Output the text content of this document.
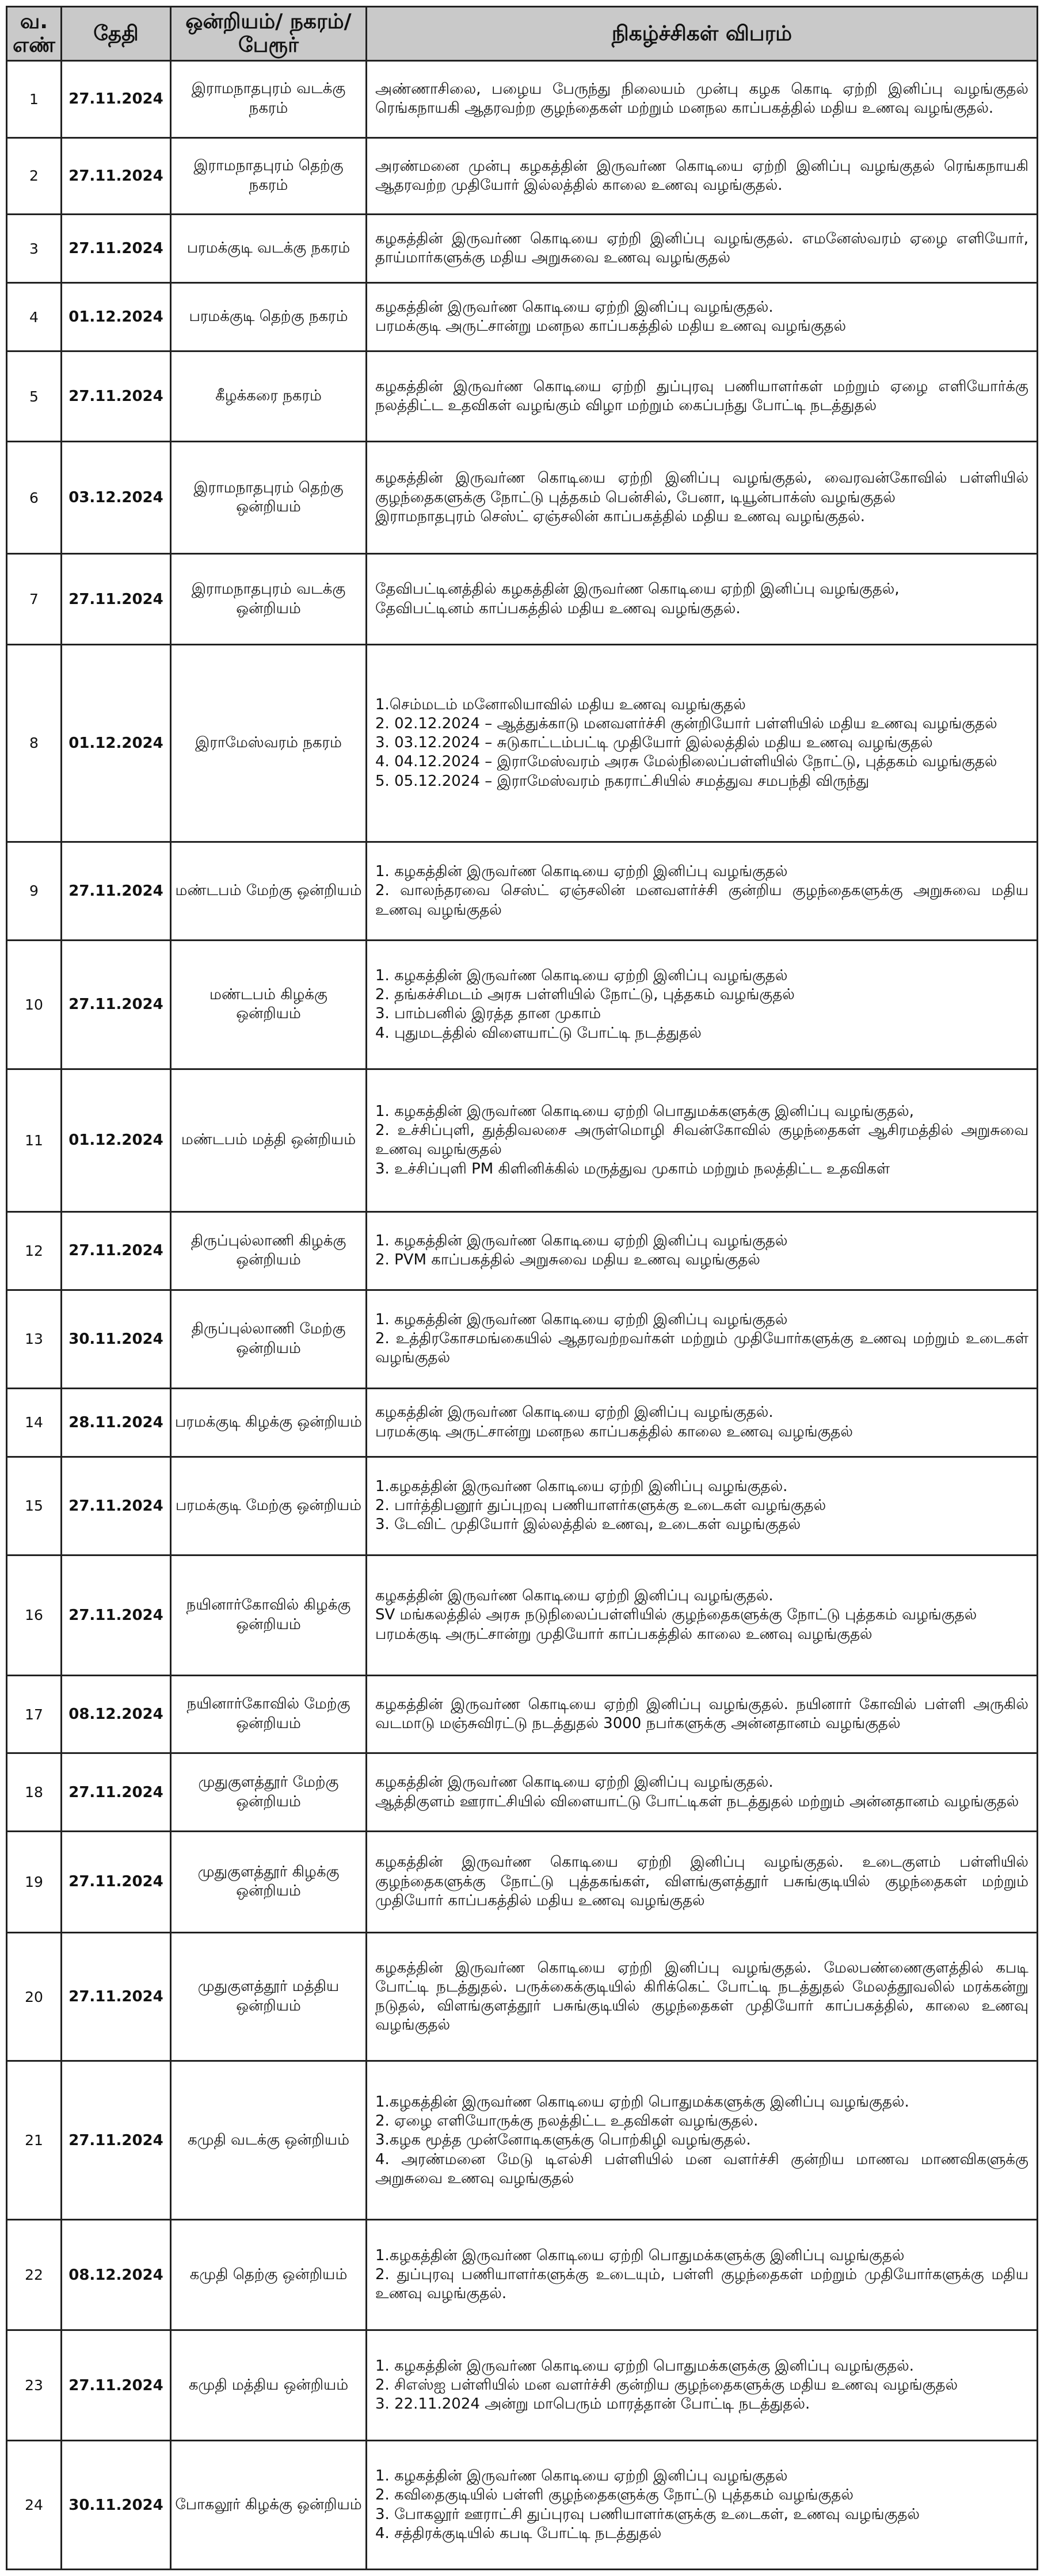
வ. எண்	தேதி	ஒன்றியம்/ நகரம்/ பேரூர்	நிகழ்ச்சிகள் விபரம்
1	27.11.2024	இராமநாதபுரம் வடக்கு நகரம்	அண்ணாசிலை, பழைய பேருந்து நிலையம் முன்பு கழக கொடி ஏற்றி இனிப்பு வழங்குதல் ரெங்கநாயகி ஆதரவற்ற குழந்தைகள் மற்றும் மனநல காப்பகத்தில் மதிய உணவு வழங்குதல்.

2	27.11.2024	இராமநாதபுரம் தெற்கு நகரம்	அரண்மனை முன்பு கழகத்தின் இருவர்ண கொடியை ஏற்றி இனிப்பு வழங்குதல் ரெங்கநாயகி ஆதரவற்ற முதியோர் இல்லத்தில் காலை உணவு வழங்குதல்.

3	27.11.2024	பரமக்குடி வடக்கு நகரம்	கழகத்தின் இருவர்ண கொடியை ஏற்றி இனிப்பு வழங்குதல். எமனேஸ்வரம் ஏழை எளியோர், தாய்மார்களுக்கு மதிய அறுசுவை உணவு வழங்குதல்

4	01.12.2024	பரமக்குடி தெற்கு நகரம்	கழகத்தின் இருவர்ண கொடியை ஏற்றி இனிப்பு வழங்குதல்.
பரமக்குடி அருட்சான்று மனநல காப்பகத்தில் மதிய உணவு வழங்குதல்

5	27.11.2024	கீழக்கரை நகரம்	கழகத்தின் இருவர்ண கொடியை ஏற்றி துப்புரவு பணியாளர்கள் மற்றும் ஏழை எளியோர்க்கு நலத்திட்ட உதவிகள் வழங்கும் விழா மற்றும் கைப்பந்து போட்டி நடத்துதல்

6	03.12.2024	இராமநாதபுரம் தெற்கு ஒன்றியம்	கழகத்தின் இருவர்ண கொடியை ஏற்றி இனிப்பு வழங்குதல், வைரவன்கோவில் பள்ளியில் குழந்தைகளுக்கு நோட்டு புத்தகம் பென்சில், பேனா, டியூன்பாக்ஸ் வழங்குதல்
இராமநாதபுரம் செஸ்ட் ஏஞ்சலின் காப்பகத்தில் மதிய உணவு வழங்குதல்.

7	27.11.2024	இராமநாதபுரம் வடக்கு ஒன்றியம்	தேவிபட்டினத்தில் கழகத்தின் இருவர்ண கொடியை ஏற்றி இனிப்பு வழங்குதல்,
தேவிபட்டினம் காப்பகத்தில் மதிய உணவு வழங்குதல்.

8	01.12.2024	இராமேஸ்வரம் நகரம்	1.செம்மடம் மனோலியாவில் மதிய உணவு வழங்குதல்
2. 02.12.2024 – ஆத்துக்காடு மனவளர்ச்சி குன்றியோர் பள்ளியில் மதிய உணவு வழங்குதல்
3. 03.12.2024 – சுடுகாட்டம்பட்டி முதியோர் இல்லத்தில் மதிய உணவு வழங்குதல்
4. 04.12.2024 – இராமேஸ்வரம் அரசு மேல்நிலைப்பள்ளியில் நோட்டு, புத்தகம் வழங்குதல்
5. 05.12.2024 – இராமேஸ்வரம் நகராட்சியில் சமத்துவ சமபந்தி விருந்து

9	27.11.2024	மண்டபம் மேற்கு ஒன்றியம்	1. கழகத்தின் இருவர்ண கொடியை ஏற்றி இனிப்பு வழங்குதல்
2. வாலந்தரவை செஸ்ட் ஏஞ்சலின் மனவளர்ச்சி குன்றிய குழந்தைகளுக்கு அறுசுவை மதிய உணவு வழங்குதல்

10	27.11.2024	மண்டபம் கிழக்கு ஒன்றியம்	1. கழகத்தின் இருவர்ண கொடியை ஏற்றி இனிப்பு வழங்குதல்
2. தங்கச்சிமடம் அரசு பள்ளியில் நோட்டு, புத்தகம் வழங்குதல்
3. பாம்பனில் இரத்த தான முகாம்
4. புதுமடத்தில் விளையாட்டு போட்டி நடத்துதல்

11	01.12.2024	மண்டபம் மத்தி ஒன்றியம்	1. கழகத்தின் இருவர்ண கொடியை ஏற்றி பொதுமக்களுக்கு இனிப்பு வழங்குதல்,
2. உச்சிப்புளி, துத்திவலசை அருள்மொழி சிவன்கோவில் குழந்தைகள் ஆசிரமத்தில் அறுசுவை உணவு வழங்குதல்
3. உச்சிப்புளி PM கிளினிக்கில் மருத்துவ முகாம் மற்றும் நலத்திட்ட உதவிகள்

12	27.11.2024	திருப்புல்லாணி கிழக்கு ஒன்றியம்	1. கழகத்தின் இருவர்ண கொடியை ஏற்றி இனிப்பு வழங்குதல்
2. PVM காப்பகத்தில் அறுசுவை மதிய உணவு வழங்குதல்

13	30.11.2024	திருப்புல்லாணி மேற்கு ஒன்றியம்	1. கழகத்தின் இருவர்ண கொடியை ஏற்றி இனிப்பு வழங்குதல்
2. உத்திரகோசமங்கையில் ஆதரவற்றவர்கள் மற்றும் முதியோர்களுக்கு உணவு மற்றும் உடைகள் வழங்குதல்

14	28.11.2024	பரமக்குடி கிழக்கு ஒன்றியம்	கழகத்தின் இருவர்ண கொடியை ஏற்றி இனிப்பு வழங்குதல்.
பரமக்குடி அருட்சான்று மனநல காப்பகத்தில் காலை உணவு வழங்குதல்

15	27.11.2024	பரமக்குடி மேற்கு ஒன்றியம்	1.கழகத்தின் இருவர்ண கொடியை ஏற்றி இனிப்பு வழங்குதல்.
2. பார்த்திபனூர் துப்புறவு பணியாளர்களுக்கு உடைகள் வழங்குதல்
3. டேவிட் முதியோர் இல்லத்தில் உணவு, உடைகள் வழங்குதல்

16	27.11.2024	நயினார்கோவில் கிழக்கு ஒன்றியம்	கழகத்தின் இருவர்ண கொடியை ஏற்றி இனிப்பு வழங்குதல்.
SV மங்கலத்தில் அரசு நடுநிலைப்பள்ளியில் குழந்தைகளுக்கு நோட்டு புத்தகம் வழங்குதல்
பரமக்குடி அருட்சான்று முதியோர் காப்பகத்தில் காலை உணவு வழங்குதல்

17	08.12.2024	நயினார்கோவில் மேற்கு ஒன்றியம்	கழகத்தின் இருவர்ண கொடியை ஏற்றி இனிப்பு வழங்குதல். நயினார் கோவில் பள்ளி அருகில் வடமாடு மஞ்சுவிரட்டு நடத்துதல் 3000 நபர்களுக்கு அன்னதானம் வழங்குதல்

18	27.11.2024	முதுகுளத்தூர் மேற்கு ஒன்றியம்	கழகத்தின் இருவர்ண கொடியை ஏற்றி இனிப்பு வழங்குதல்.
ஆத்திகுளம் ஊராட்சியில் விளையாட்டு போட்டிகள் நடத்துதல் மற்றும் அன்னதானம் வழங்குதல்

19	27.11.2024	முதுகுளத்தூர் கிழக்கு ஒன்றியம்	கழகத்தின் இருவர்ண கொடியை ஏற்றி இனிப்பு வழங்குதல். உடைகுளம் பள்ளியில் குழந்தைகளுக்கு நோட்டு புத்தகங்கள், விளங்குளத்தூர் பசுங்குடியில் குழந்தைகள் மற்றும் முதியோர் காப்பகத்தில் மதிய உணவு வழங்குதல்

20	27.11.2024	முதுகுளத்தூர் மத்திய ஒன்றியம்	கழகத்தின் இருவர்ண கொடியை ஏற்றி இனிப்பு வழங்குதல். மேலபண்ணைகுளத்தில் கபடி போட்டி நடத்துதல். பருக்கைக்குடியில் கிரிக்கெட் போட்டி நடத்துதல் மேலத்தூவலில் மரக்கன்று நடுதல், விளங்குளத்தூர் பசுங்குடியில் குழந்தைகள் முதியோர் காப்பகத்தில், காலை உணவு வழங்குதல்

21	27.11.2024	கமுதி வடக்கு ஒன்றியம்	1.கழகத்தின் இருவர்ண கொடியை ஏற்றி பொதுமக்களுக்கு இனிப்பு வழங்குதல்.
2. ஏழை எளியோருக்கு நலத்திட்ட உதவிகள் வழங்குதல்.
3.கழக மூத்த முன்னோடிகளுக்கு பொற்கிழி வழங்குதல்.
4. அரண்மனை மேடு டிஎல்சி பள்ளியில் மன வளர்ச்சி குன்றிய மாணவ மாணவிகளுக்கு அறுசுவை உணவு வழங்குதல்

22	08.12.2024	கமுதி தெற்கு ஒன்றியம்	1.கழகத்தின் இருவர்ண கொடியை ஏற்றி பொதுமக்களுக்கு இனிப்பு வழங்குதல்
2. துப்புரவு பணியாளர்களுக்கு உடையும், பள்ளி குழந்தைகள் மற்றும் முதியோர்களுக்கு மதிய உணவு வழங்குதல்.

23	27.11.2024	கமுதி மத்திய ஒன்றியம்	1. கழகத்தின் இருவர்ண கொடியை ஏற்றி பொதுமக்களுக்கு இனிப்பு வழங்குதல்.
2. சிஎஸ்ஐ பள்ளியில் மன வளர்ச்சி குன்றிய குழந்தைகளுக்கு மதிய உணவு வழங்குதல்
3. 22.11.2024 அன்று மாபெரும் மாரத்தான் போட்டி நடத்துதல்.

24	30.11.2024	போகலூர் கிழக்கு ஒன்றியம்	1. கழகத்தின் இருவர்ண கொடியை ஏற்றி இனிப்பு வழங்குதல்
2. கவிதைகுடியில் பள்ளி குழந்தைகளுக்கு நோட்டு புத்தகம் வழங்குதல்
3. போகலூர் ஊராட்சி துப்புரவு பணியாளர்களுக்கு உடைகள், உணவு வழங்குதல்
4. சத்திரக்குடியில் கபடி போட்டி நடத்துதல்
